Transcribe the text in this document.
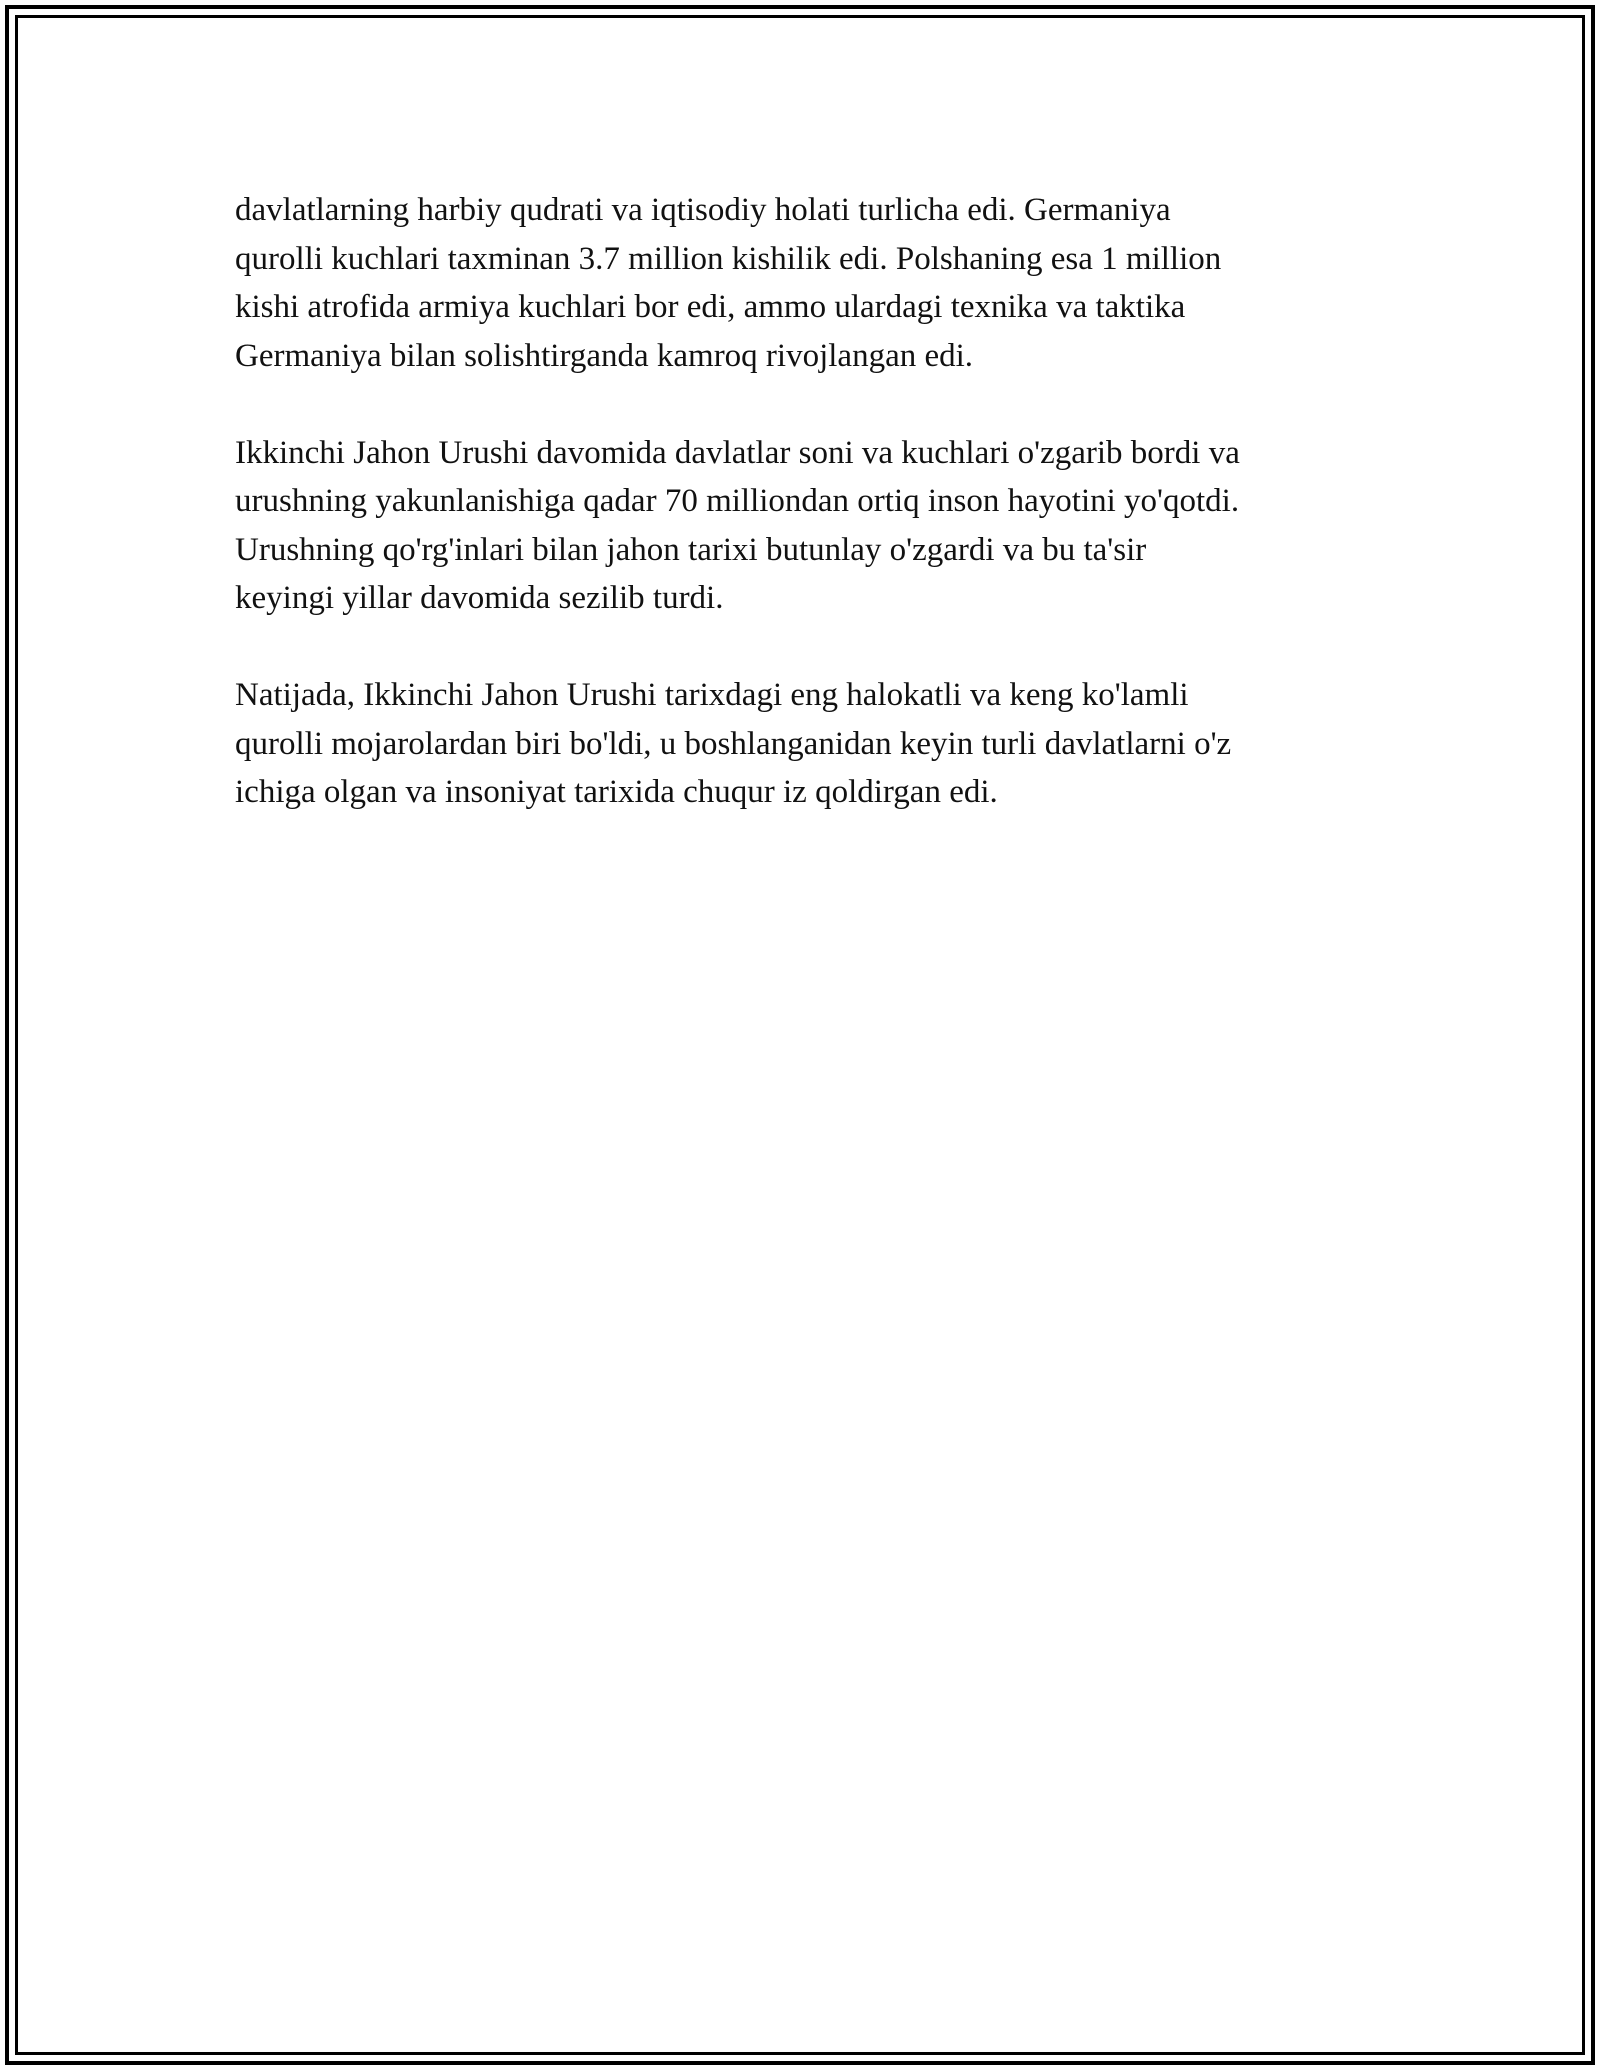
davlatlarning harbiy qudrati va iqtisodiy holati turlicha edi. Germaniya
qurolli kuchlari taxminan 3.7 million kishilik edi. Polshaning esa 1 million
kishi atrofida armiya kuchlari bor edi, ammo ulardagi texnika va taktika
Germaniya bilan solishtirganda kamroq rivojlangan edi.

Ikkinchi Jahon Urushi davomida davlatlar soni va kuchlari o'zgarib bordi va
urushning yakunlanishiga qadar 70 milliondan ortiq inson hayotini yo'qotdi.
Urushning qo'rg'inlari bilan jahon tarixi butunlay o'zgardi va bu ta'sir
keyingi yillar davomida sezilib turdi.

Natijada, Ikkinchi Jahon Urushi tarixdagi eng halokatli va keng ko'lamli
qurolli mojarolardan biri bo'ldi, u boshlanganidan keyin turli davlatlarni o'z
ichiga olgan va insoniyat tarixida chuqur iz qoldirgan edi.
